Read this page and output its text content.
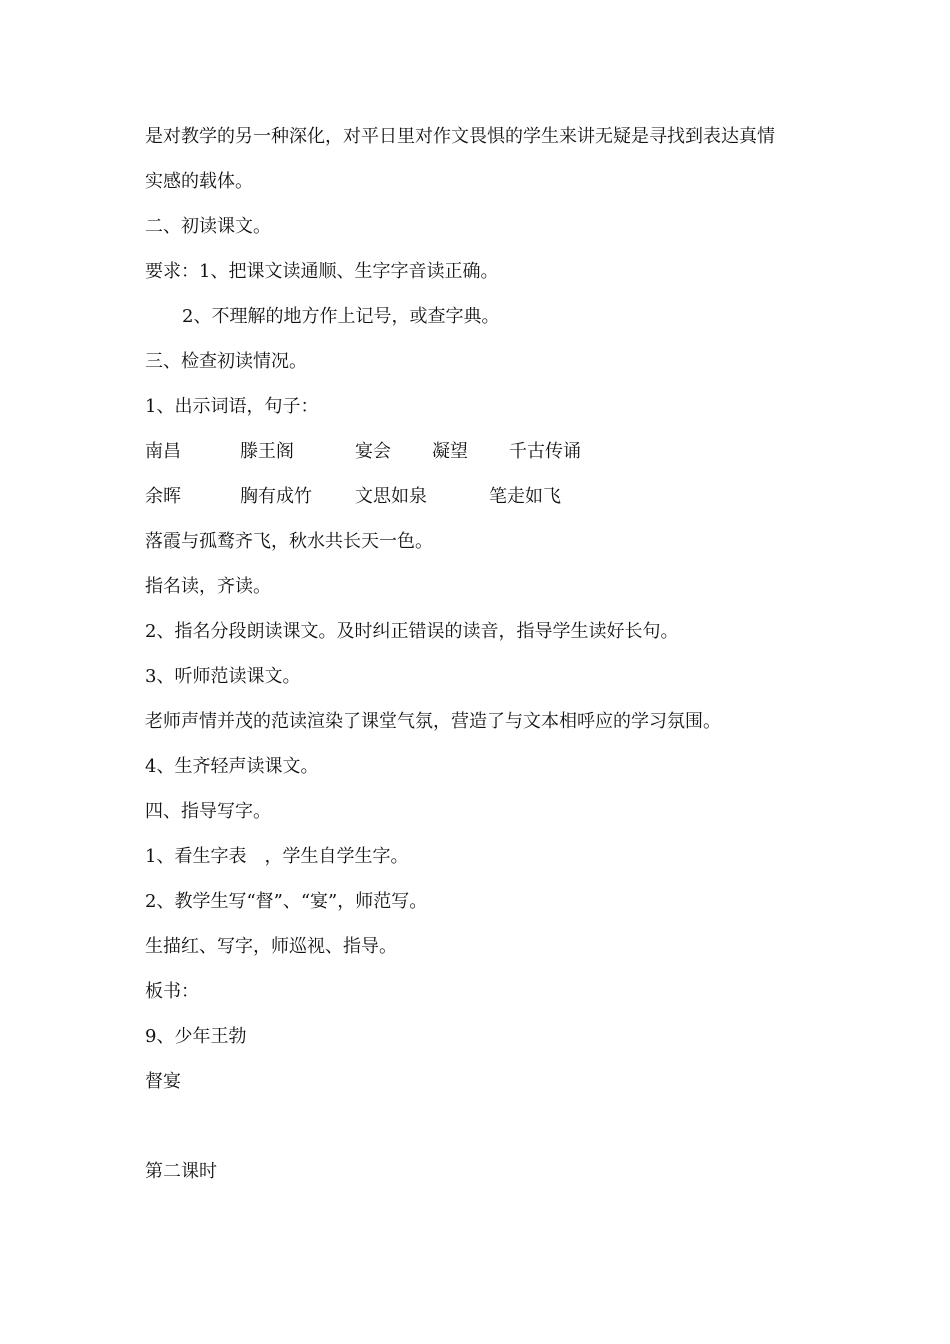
是对教学的另一种深化，对平日里对作文畏惧的学生来讲无疑是寻找到表达真情
实感的载体。
二、初读课文。
要求：1、把课文读通顺、生字字音读正确。
2、不理解的地方作上记号，或查字典。
三、检查初读情况。
1、出示词语，句子：
南昌	滕王阁	宴会 凝望 千古传诵
余晖	胸有成竹 文思如泉	笔走如飞
落霞与孤鹜齐飞，秋水共长天一色。
指名读，齐读。
2、指名分段朗读课文。及时纠正错误的读音，指导学生读好长句。
3、听师范读课文。
老师声情并茂的范读渲染了课堂气氛，营造了与文本相呼应的学习氛围。
4、生齐轻声读课文。
四、指导写字。
1、看生字表　，学生自学生字。
2、教学生写“督”、“宴”，师范写。
生描红、写字，师巡视、指导。
板书：
9、少年王勃
督宴
第二课时
